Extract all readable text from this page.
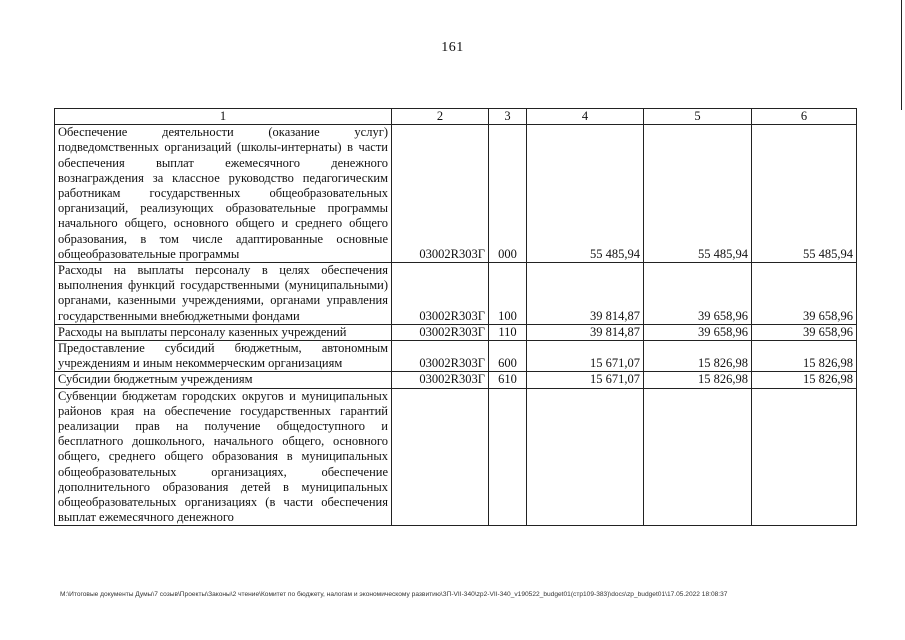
161
1	2	3	4	5	6
Обеспечение деятельности (оказание услуг) подведомственных организаций (школы-интернаты) в части обеспечения выплат ежемесячного денежного вознаграждения за классное руководство педагогическим работникам государственных общеобразовательных организаций, реализующих образовательные программы начального общего, основного общего и среднего общего образования, в том числе адаптированные основные общеобразовательные программы	03002R303Г	000	55 485,94	55 485,94	55 485,94
Расходы на выплаты персоналу в целях обеспечения выполнения функций государственными (муниципальными) органами, казенными учреждениями, органами управления государственными внебюджетными фондами	03002R303Г	100	39 814,87	39 658,96	39 658,96
Расходы на выплаты персоналу казенных учреждений	03002R303Г	110	39 814,87	39 658,96	39 658,96
Предоставление субсидий бюджетным, автономным учреждениям и иным некоммерческим организациям	03002R303Г	600	15 671,07	15 826,98	15 826,98
Субсидии бюджетным учреждениям	03002R303Г	610	15 671,07	15 826,98	15 826,98
Субвенции бюджетам городских округов и муниципальных районов края на обеспечение государственных гарантий реализации прав на получение общедоступного и бесплатного дошкольного, начального общего, основного общего, среднего общего образования в муниципальных общеобразовательных организациях, обеспечение дополнительного образования детей в муниципальных общеобразовательных организациях (в части обеспечения выплат ежемесячного денежного					
M:\Итоговые документы Думы\7 созыв\Проекты\Законы\2 чтение\Комитет по бюджету, налогам и экономическому развитию\ЗП-VII-340\zp2-VII-340_v190522_budget01(стр109-383)\docs\zp_budget01\17.05.2022 18:08:37
